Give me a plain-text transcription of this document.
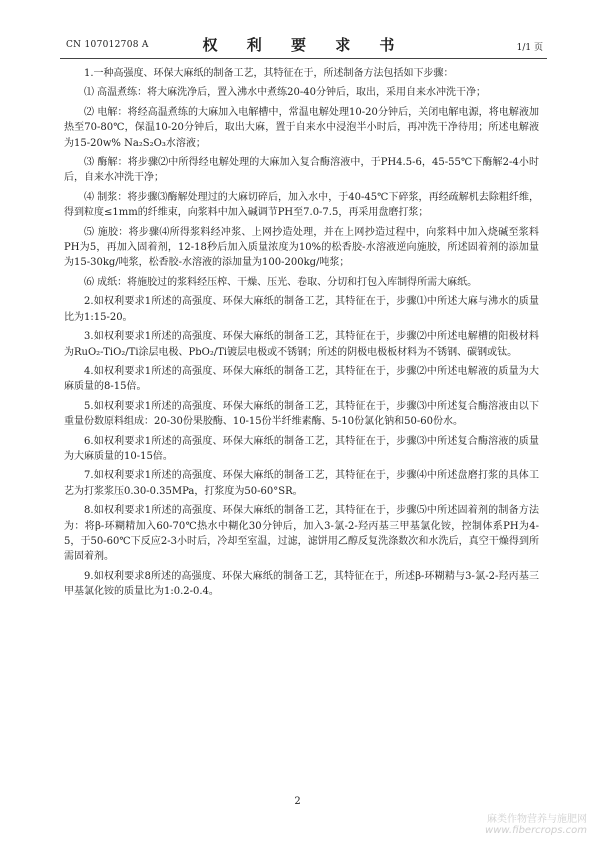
CN 107012708 A	权 利 要 求 书	1/1 页

1.一种高强度、环保大麻纸的制备工艺，其特征在于，所述制备方法包括如下步骤：

⑴ 高温煮练：将大麻洗净后，置入沸水中煮练20-40分钟后，取出，采用自来水冲洗干净；

⑵ 电解：将经高温煮练的大麻加入电解槽中，常温电解处理10-20分钟后，关闭电解电源，将电解液加热至70-80℃，保温10-20分钟后，取出大麻，置于自来水中浸泡半小时后，再冲洗干净待用；所述电解液为15-20w% Na₂S₂O₃水溶液；

⑶ 酶解：将步骤⑵中所得经电解处理的大麻加入复合酶溶液中，于PH4.5-6，45-55℃下酶解2-4小时后，自来水冲洗干净；

⑷ 制浆：将步骤⑶酶解处理过的大麻切碎后，加入水中，于40-45℃下碎浆，再经疏解机去除粗纤维，得到粒度≤1mm的纤维束，向浆料中加入碱调节PH至7.0-7.5，再采用盘磨打浆；

⑸ 施胶：将步骤⑷所得浆料经冲浆、上网抄造处理，并在上网抄造过程中，向浆料中加入烧碱至浆料PH为5，再加入固着剂，12-18秒后加入质量浓度为10%的松香胶-水溶液逆向施胶，所述固着剂的添加量为15-30kg/吨浆，松香胶-水溶液的添加量为100-200kg/吨浆；

⑹ 成纸：将施胶过的浆料经压榨、干燥、压光、卷取、分切和打包入库制得所需大麻纸。

2.如权利要求1所述的高强度、环保大麻纸的制备工艺，其特征在于，步骤⑴中所述大麻与沸水的质量比为1:15-20。

3.如权利要求1所述的高强度、环保大麻纸的制备工艺，其特征在于，步骤⑵中所述电解槽的阳极材料为RuO₂-TiO₂/Ti涂层电极、PbO₂/Ti镀层电极或不锈钢；所述的阴极电极板材料为不锈钢、碳钢或钛。

4.如权利要求1所述的高强度、环保大麻纸的制备工艺，其特征在于，步骤⑵中所述电解液的质量为大麻质量的8-15倍。

5.如权利要求1所述的高强度、环保大麻纸的制备工艺，其特征在于，步骤⑶中所述复合酶溶液由以下重量份数原料组成：20-30份果胶酶、10-15份半纤维素酶、5-10份氯化钠和50-60份水。

6.如权利要求1所述的高强度、环保大麻纸的制备工艺，其特征在于，步骤⑶中所述复合酶溶液的质量为大麻质量的10-15倍。

7.如权利要求1所述的高强度、环保大麻纸的制备工艺，其特征在于，步骤⑷中所述盘磨打浆的具体工艺为打浆浆压0.30-0.35MPa，打浆度为50-60°SR。

8.如权利要求1所述的高强度、环保大麻纸的制备工艺，其特征在于，步骤⑸中所述固着剂的制备方法为：将β-环糊精加入60-70℃热水中糊化30分钟后，加入3-氯-2-羟丙基三甲基氯化铵，控制体系PH为4-5，于50-60℃下反应2-3小时后，冷却至室温，过滤，滤饼用乙醇反复洗涤数次和水洗后，真空干燥得到所需固着剂。

9.如权利要求8所述的高强度、环保大麻纸的制备工艺，其特征在于，所述β-环糊精与3-氯-2-羟丙基三甲基氯化铵的质量比为1:0.2-0.4。

2
麻类作物营养与施肥网
www.fibercrops.com
